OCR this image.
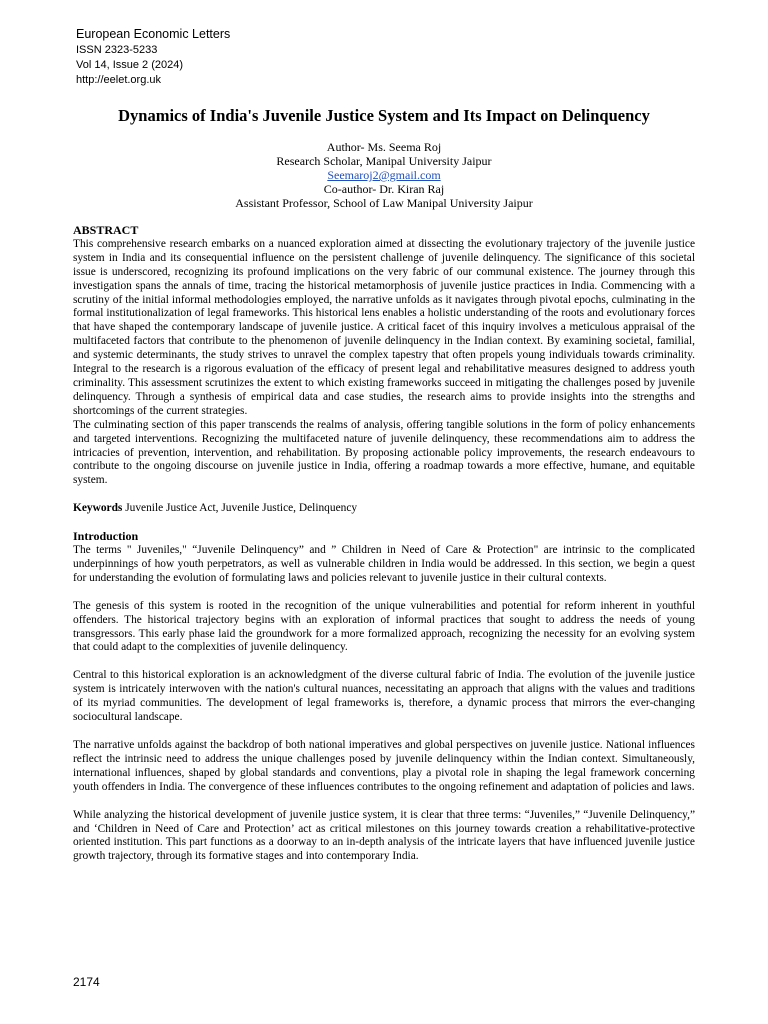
European Economic Letters
ISSN 2323-5233
Vol 14, Issue 2 (2024)
http://eelet.org.uk
Dynamics of India's Juvenile Justice System and Its Impact on Delinquency
Author- Ms. Seema Roj
Research Scholar, Manipal University Jaipur
Seemaroj2@gmail.com
Co-author- Dr. Kiran Raj
Assistant Professor, School of Law Manipal University Jaipur

ABSTRACT

This comprehensive research embarks on a nuanced exploration aimed at dissecting the evolutionary trajectory of the juvenile justice system in India and its consequential influence on the persistent challenge of juvenile delinquency. The significance of this societal issue is underscored, recognizing its profound implications on the very fabric of our communal existence. The journey through this investigation spans the annals of time, tracing the historical metamorphosis of juvenile justice practices in India. Commencing with a scrutiny of the initial informal methodologies employed, the narrative unfolds as it navigates through pivotal epochs, culminating in the formal institutionalization of legal frameworks. This historical lens enables a holistic understanding of the roots and evolutionary forces that have shaped the contemporary landscape of juvenile justice. A critical facet of this inquiry involves a meticulous appraisal of the multifaceted factors that contribute to the phenomenon of juvenile delinquency in the Indian context. By examining societal, familial, and systemic determinants, the study strives to unravel the complex tapestry that often propels young individuals towards criminality. Integral to the research is a rigorous evaluation of the efficacy of present legal and rehabilitative measures designed to address youth criminality. This assessment scrutinizes the extent to which existing frameworks succeed in mitigating the challenges posed by juvenile delinquency. Through a synthesis of empirical data and case studies, the research aims to provide insights into the strengths and shortcomings of the current strategies.

The culminating section of this paper transcends the realms of analysis, offering tangible solutions in the form of policy enhancements and targeted interventions. Recognizing the multifaceted nature of juvenile delinquency, these recommendations aim to address the intricacies of prevention, intervention, and rehabilitation. By proposing actionable policy improvements, the research endeavours to contribute to the ongoing discourse on juvenile justice in India, offering a roadmap towards a more effective, humane, and equitable system.

Keywords Juvenile Justice Act, Juvenile Justice, Delinquency

Introduction

The terms " Juveniles," “Juvenile Delinquency” and ” Children in Need of Care & Protection" are intrinsic to the complicated underpinnings of how youth perpetrators, as well as vulnerable children in India would be addressed. In this section, we begin a quest for understanding the evolution of formulating laws and policies relevant to juvenile justice in their cultural contexts.

The genesis of this system is rooted in the recognition of the unique vulnerabilities and potential for reform inherent in youthful offenders. The historical trajectory begins with an exploration of informal practices that sought to address the needs of young transgressors. This early phase laid the groundwork for a more formalized approach, recognizing the necessity for an evolving system that could adapt to the complexities of juvenile delinquency.

Central to this historical exploration is an acknowledgment of the diverse cultural fabric of India. The evolution of the juvenile justice system is intricately interwoven with the nation's cultural nuances, necessitating an approach that aligns with the values and traditions of its myriad communities. The development of legal frameworks is, therefore, a dynamic process that mirrors the ever-changing sociocultural landscape.

The narrative unfolds against the backdrop of both national imperatives and global perspectives on juvenile justice. National influences reflect the intrinsic need to address the unique challenges posed by juvenile delinquency within the Indian context. Simultaneously, international influences, shaped by global standards and conventions, play a pivotal role in shaping the legal framework concerning youth offenders in India. The convergence of these influences contributes to the ongoing refinement and adaptation of policies and laws.

While analyzing the historical development of juvenile justice system, it is clear that three terms: “Juveniles,” “Juvenile Delinquency,” and ‘Children in Need of Care and Protection’ act as critical milestones on this journey towards creation a rehabilitative-protective oriented institution. This part functions as a doorway to an in-depth analysis of the intricate layers that have influenced juvenile justice growth trajectory, through its formative stages and into contemporary India.

2174
